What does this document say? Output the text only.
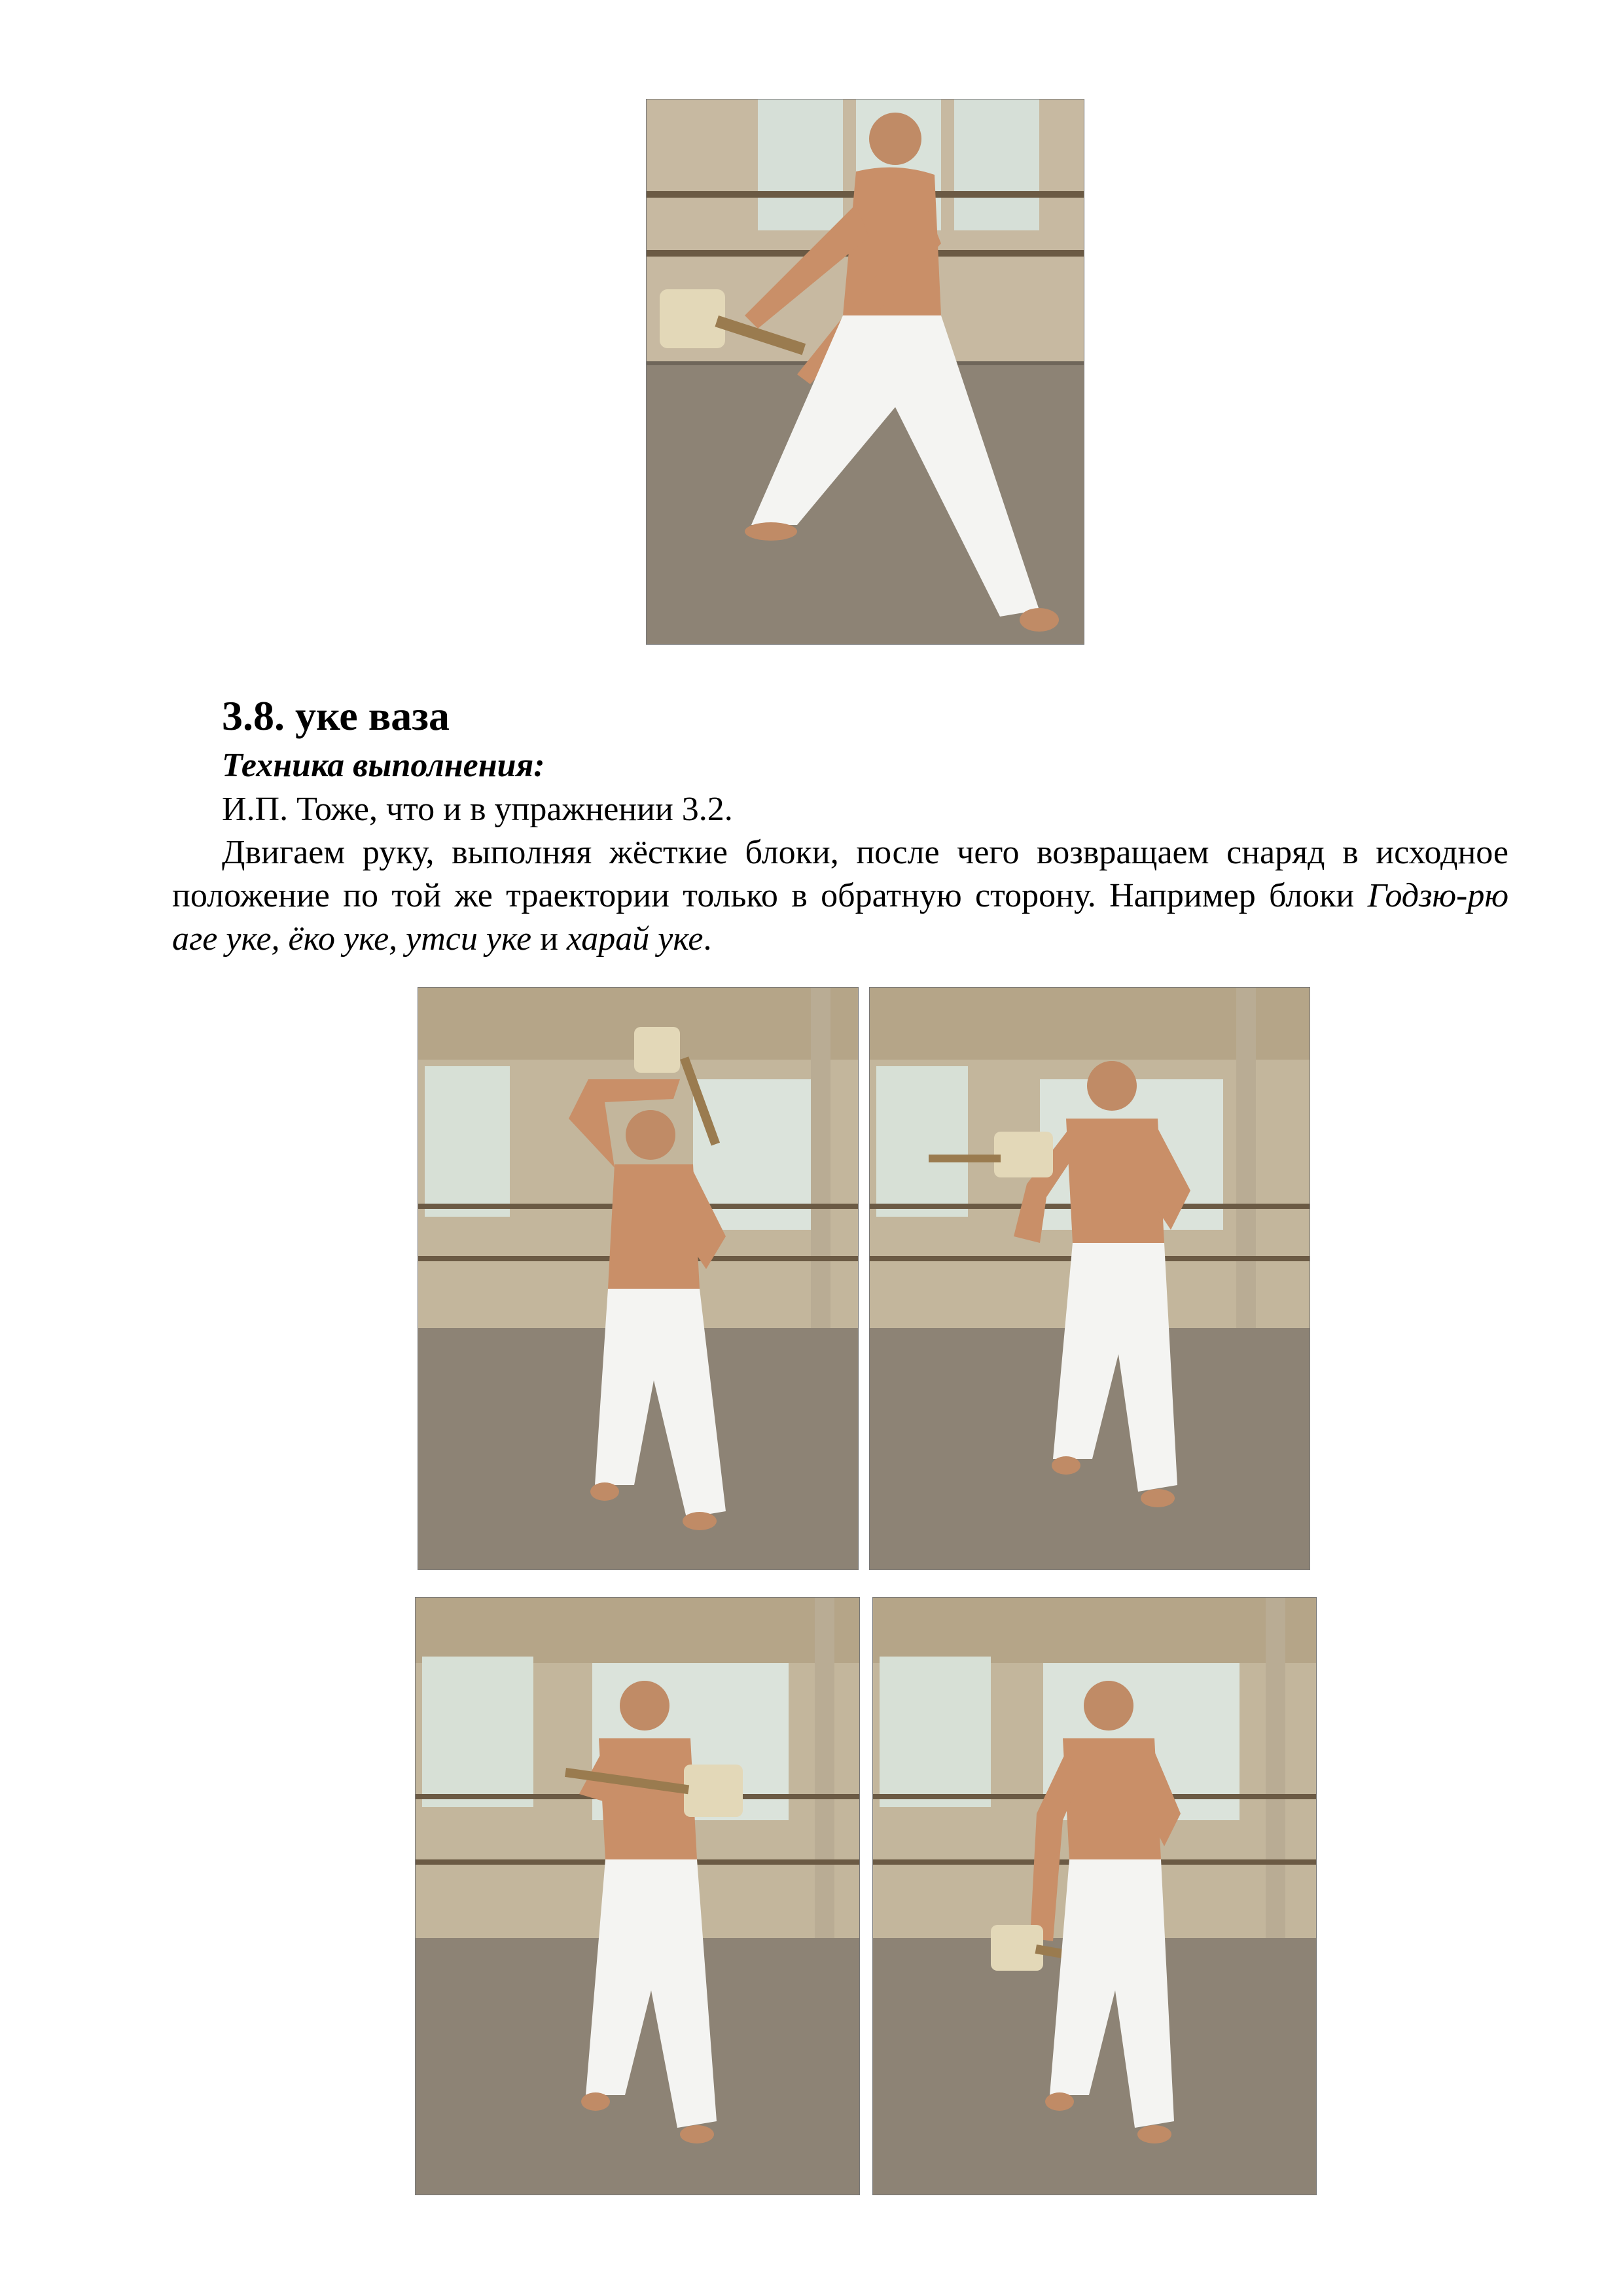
3.8. уке ваза

Техника выполнения:

И.П. Тоже, что и в упражнении 3.2.

Двигаем руку, выполняя жёсткие блоки, после чего возвращаем снаряд в исходное положение по той же траектории только в обратную сторону. Например блоки Годзю-рю аге уке, ёко уке, утси уке и харай уке.
